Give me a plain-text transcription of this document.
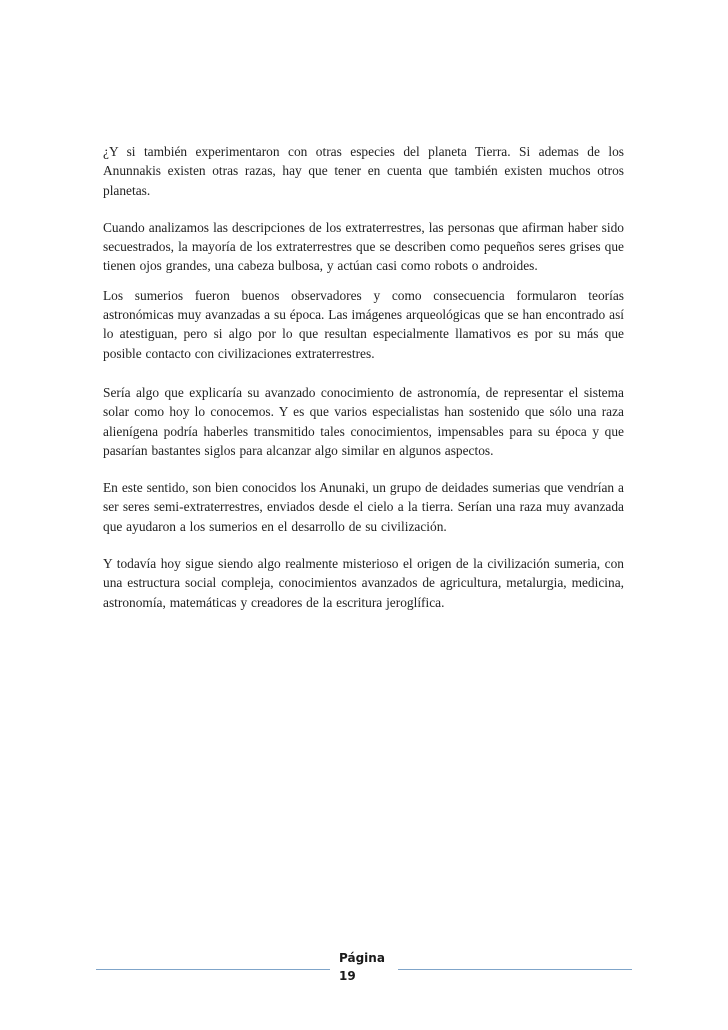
¿Y si también experimentaron con otras especies del planeta Tierra. Si ademas de los Anunnakis existen otras razas, hay que tener en cuenta que también existen muchos otros planetas.

Cuando analizamos las descripciones de los extraterrestres, las personas que afirman haber sido secuestrados, la mayoría de los extraterrestres que se describen como pequeños seres grises que tienen ojos grandes, una cabeza bulbosa, y actúan casi como robots o androides.

Los sumerios fueron buenos observadores y como consecuencia formularon teorías astronómicas muy avanzadas a su época. Las imágenes arqueológicas que se han encontrado así lo atestiguan, pero si algo por lo que resultan especialmente llamativos es por su más que posible contacto con civilizaciones extraterrestres.

Sería algo que explicaría su avanzado conocimiento de astronomía, de representar el sistema solar como hoy lo conocemos. Y es que varios especialistas han sostenido que sólo una raza alienígena podría haberles transmitido tales conocimientos, impensables para su época y que pasarían bastantes siglos para alcanzar algo similar en algunos aspectos.

En este sentido, son bien conocidos los Anunaki, un grupo de deidades sumerias que vendrían a ser seres semi-extraterrestres, enviados desde el cielo a la tierra. Serían una raza muy avanzada que ayudaron a los sumerios en el desarrollo de su civilización.

Y todavía hoy sigue siendo algo realmente misterioso el origen de la civilización sumeria, con una estructura social compleja, conocimientos avanzados de agricultura, metalurgia, medicina, astronomía, matemáticas y creadores de la escritura jeroglífica.

Página
19
